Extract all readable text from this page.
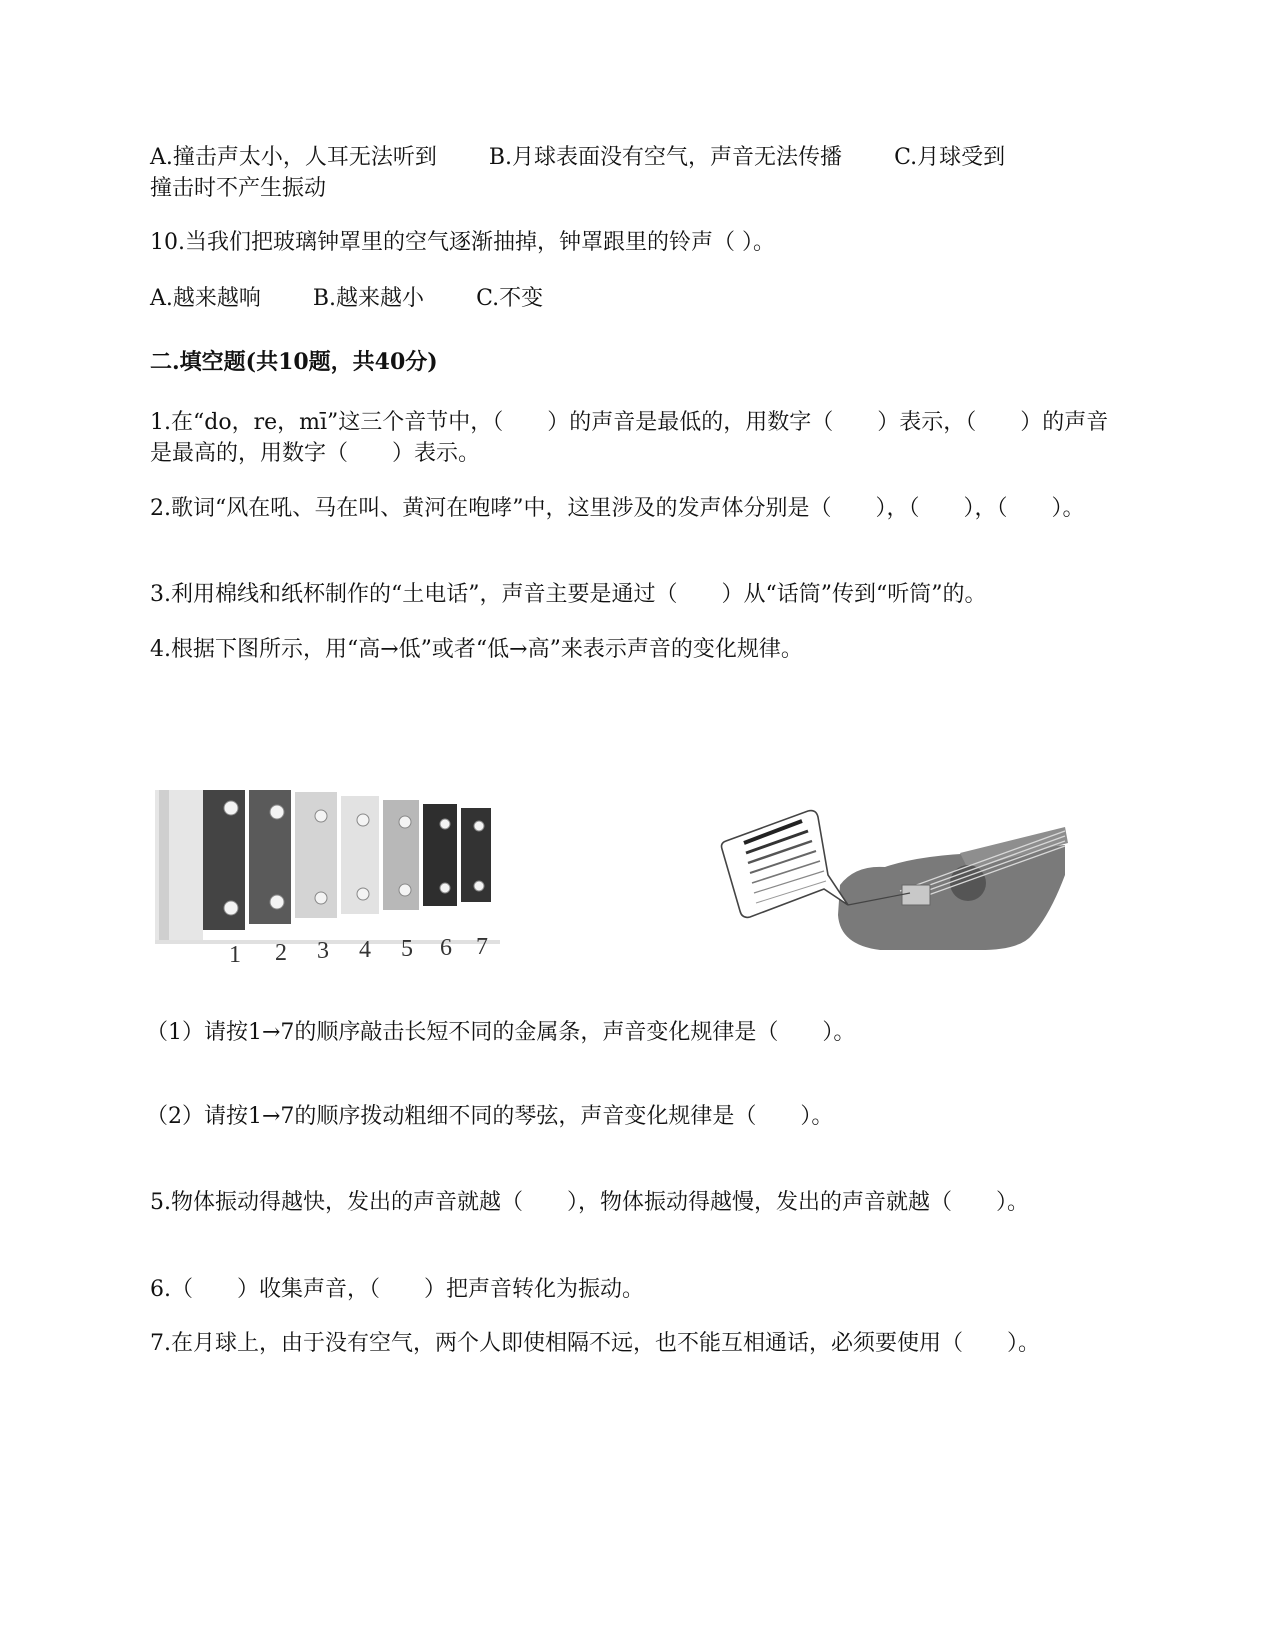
A.撞击声太小，人耳无法听到 B.月球表面没有空气，声音无法传播 C.月球受到
撞击时不产生振动
10.当我们把玻璃钟罩里的空气逐渐抽掉，钟罩跟里的铃声（ ）。
A.越来越响 B.越来越小 C.不变
二.填空题(共10题，共40分)
1.在“do，re，mī”这三个音节中，（　　）的声音是最低的，用数字（　　）表示，（　　）的声音是最高的，用数字（　　）表示。
2.歌词“风在吼、马在叫、黄河在咆哮”中，这里涉及的发声体分别是（　　），（　　），（　　）。
3.利用棉线和纸杯制作的“土电话”，声音主要是通过（　　）从“话筒”传到“听筒”的。
4.根据下图所示，用“高→低”或者“低→高”来表示声音的变化规律。
1 2 3 4 5 6 7
（1）请按1→7的顺序敲击长短不同的金属条，声音变化规律是（　　）。
（2）请按1→7的顺序拨动粗细不同的琴弦，声音变化规律是（　　）。
5.物体振动得越快，发出的声音就越（　　），物体振动得越慢，发出的声音就越（　　）。
6.（　　）收集声音，（　　）把声音转化为振动。
7.在月球上，由于没有空气，两个人即使相隔不远，也不能互相通话，必须要使用（　　）。
